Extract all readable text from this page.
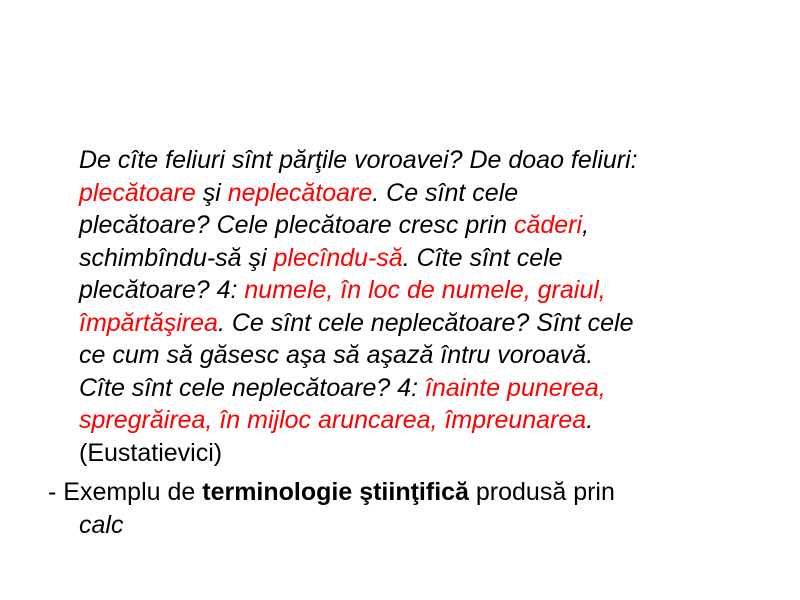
De cîte feliuri sînt părţile voroavei? De doao feliuri:
plecătoare şi neplecătoare. Ce sînt cele
plecătoare? Cele plecătoare cresc prin căderi,
schimbîndu-să şi plecîndu-să. Cîte sînt cele
plecătoare? 4: numele, în loc de numele, graiul,
împărtăşirea. Ce sînt cele neplecătoare? Sînt cele
ce cum să găsesc aşa să aşază întru voroavă.
Cîte sînt cele neplecătoare? 4: înainte punerea,
spregrăirea, în mijloc aruncarea, împreunarea.
(Eustatievici)
- Exemplu de terminologie ştiinţifică produsă prin
calc
